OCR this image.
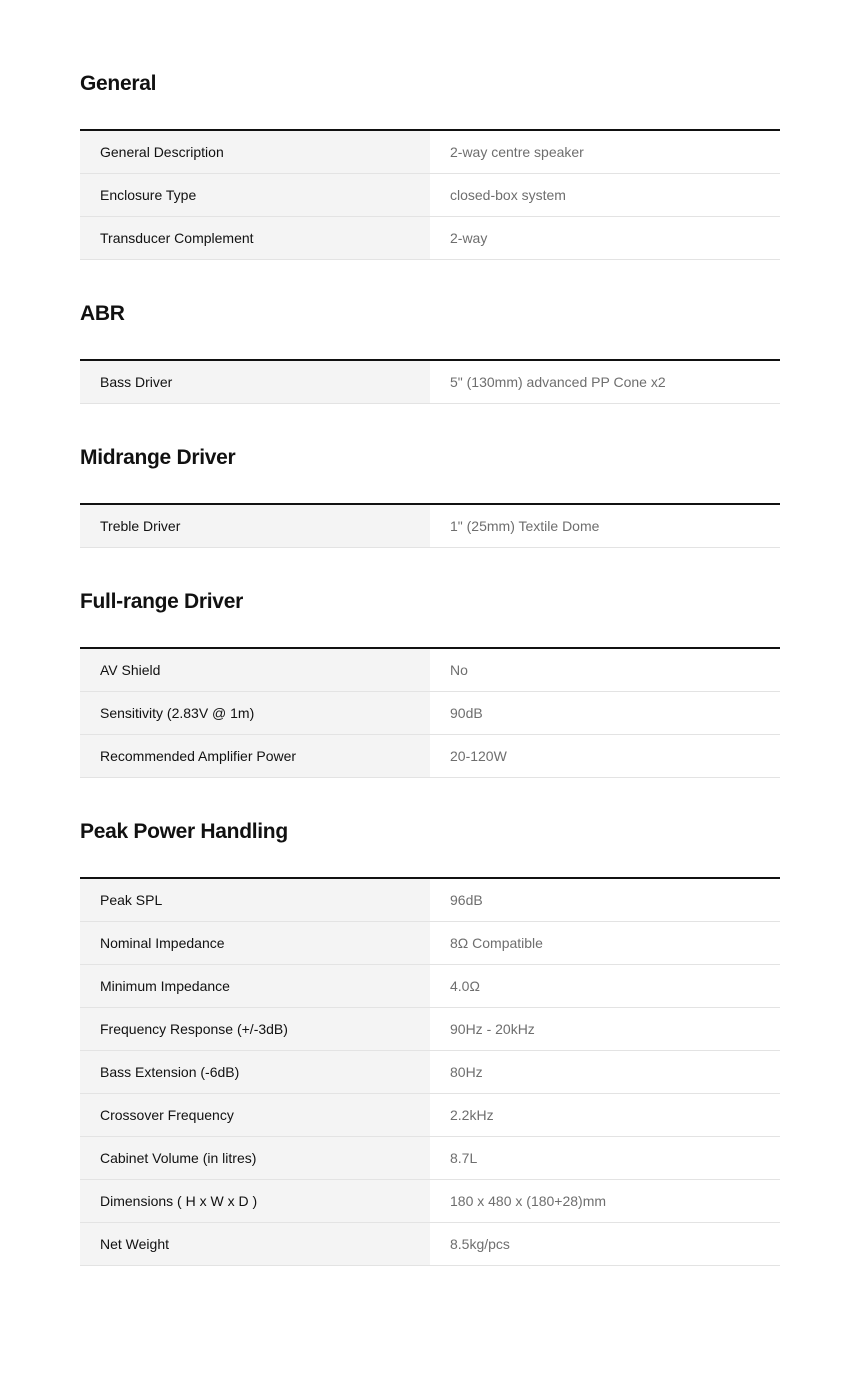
General
General Description	2-way centre speaker
Enclosure Type	closed-box system
Transducer Complement	2-way
ABR
Bass Driver	5" (130mm) advanced PP Cone x2
Midrange Driver
Treble Driver	1" (25mm) Textile Dome
Full-range Driver
AV Shield	No
Sensitivity (2.83V @ 1m)	90dB
Recommended Amplifier Power	20-120W
Peak Power Handling
Peak SPL	96dB
Nominal Impedance	8Ω Compatible
Minimum Impedance	4.0Ω
Frequency Response (+/-3dB)	90Hz - 20kHz
Bass Extension (-6dB)	80Hz
Crossover Frequency	2.2kHz
Cabinet Volume (in litres)	8.7L
Dimensions ( H x W x D )	180 x 480 x (180+28)mm
Net Weight	8.5kg/pcs
